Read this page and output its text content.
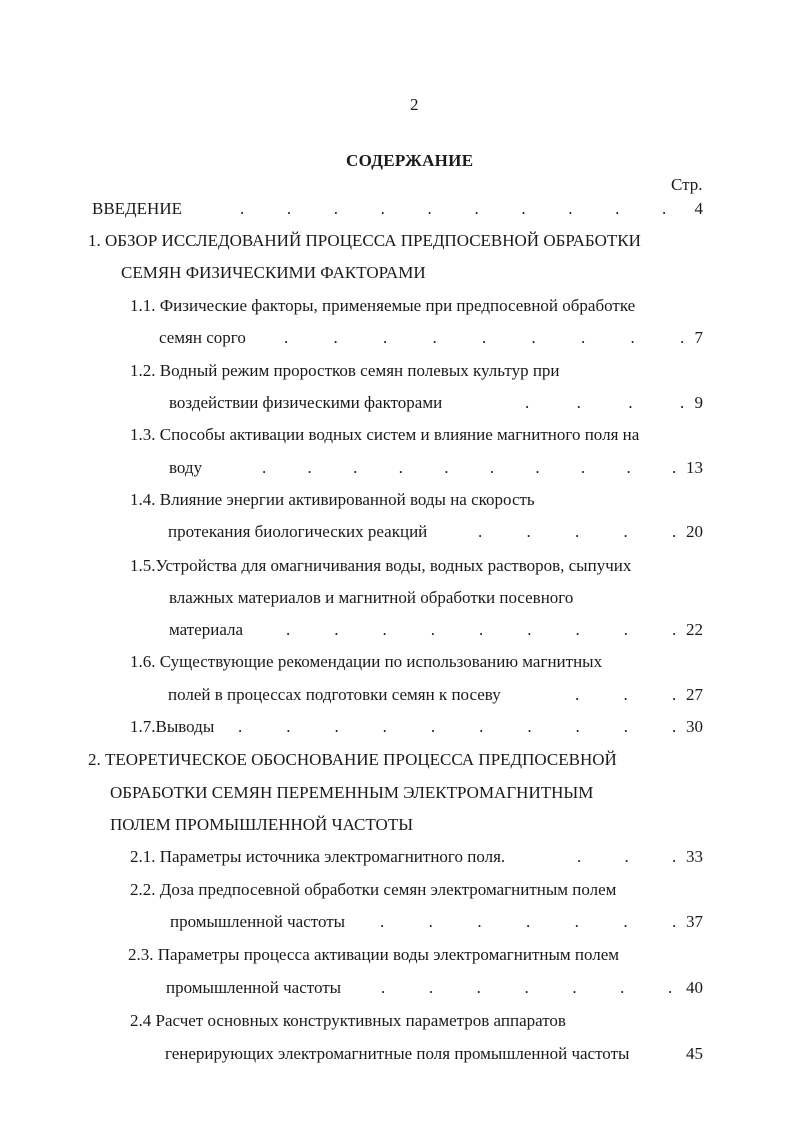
2
СОДЕРЖАНИЕ
Стр.
ВВЕДЕНИЕ	.	.	.	.	.	.	.	.	.	. 4
1. ОБЗОР ИССЛЕДОВАНИЙ ПРОЦЕССА ПРЕДПОСЕВНОЙ ОБРАБОТКИ
СЕМЯН ФИЗИЧЕСКИМИ ФАКТОРАМИ
1.1. Физические факторы, применяемые при предпосевной обработке
семян сорго .	.	.	.	.	.	.	.	. 7
1.2. Водный режим проростков семян полевых культур при
воздействии физическими факторами	.	.	.	. 9
1.3. Способы активации водных систем и влияние магнитного поля на
воду	. . . . . . . . . . 13
1.4. Влияние энергии активированной воды на скорость
протекания биологических реакций	.	.	.	.	. 20
1.5.Устройства для омагничивания воды, водных растворов, сыпучих
влажных материалов и магнитной обработки посевного
материала	.	.	.	.	.	.	.	.	. 22
1.6. Существующие рекомендации по использованию магнитных
полей в процессах подготовки семян к посеву	.	.	. 27
1.7.Выводы .	.	.	.	.	.	.	.	.	. 30
2. ТЕОРЕТИЧЕСКОЕ ОБОСНОВАНИЕ ПРОЦЕССА ПРЕДПОСЕВНОЙ
ОБРАБОТКИ СЕМЯН ПЕРЕМЕННЫМ ЭЛЕКТРОМАГНИТНЫМ
ПОЛЕМ ПРОМЫШЛЕННОЙ ЧАСТОТЫ
2.1. Параметры источника электромагнитного поля.	.	.	. 33
2.2. Доза предпосевной обработки семян электромагнитным полем
промышленной частоты .	.	.	.	.	.	. 37
2.3. Параметры процесса активации воды электромагнитным полем
промышленной частоты .	.	.	.	.	.	. 40
2.4 Расчет основных конструктивных параметров аппаратов
генерирующих электромагнитные поля промышленной частоты	45
